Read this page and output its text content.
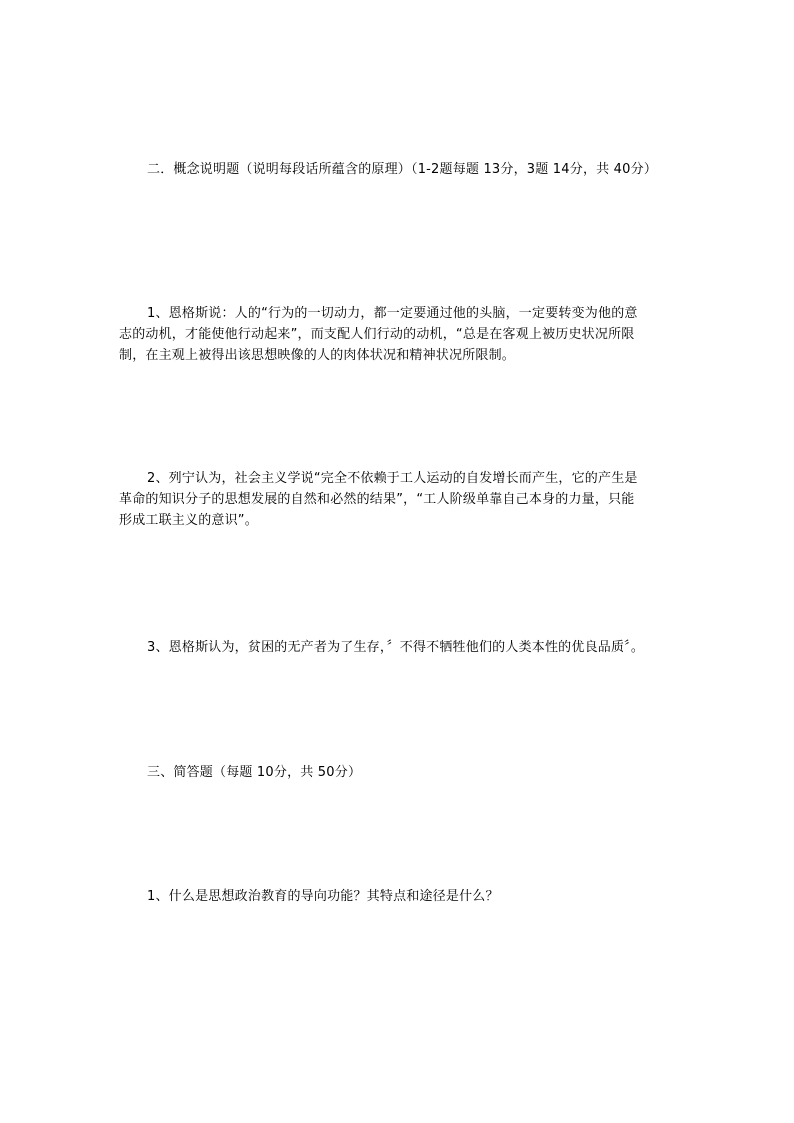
二．概念说明题（说明每段话所蕴含的原理）（1-2题每题 13分，3题 14分，共 40分）
1、恩格斯说：人的“行为的一切动力，都一定要通过他的头脑，一定要转变为他的意
志的动机，才能使他行动起来”，而支配人们行动的动机，“总是在客观上被历史状况所限
制，在主观上被得出该思想映像的人的肉体状况和精神状况所限制。
2、列宁认为，社会主义学说“完全不依赖于工人运动的自发增长而产生，它的产生是
革命的知识分子的思想发展的自然和必然的结果”，“工人阶级单靠自己本身的力量，只能
形成工联主义的意识”。
3、恩格斯认为，贫困的无产者为了生存，〞不得不牺牲他们的人类本性的优良品质〞。
三、简答题（每题 10分，共 50分）
1、什么是思想政治教育的导向功能？其特点和途径是什么？
